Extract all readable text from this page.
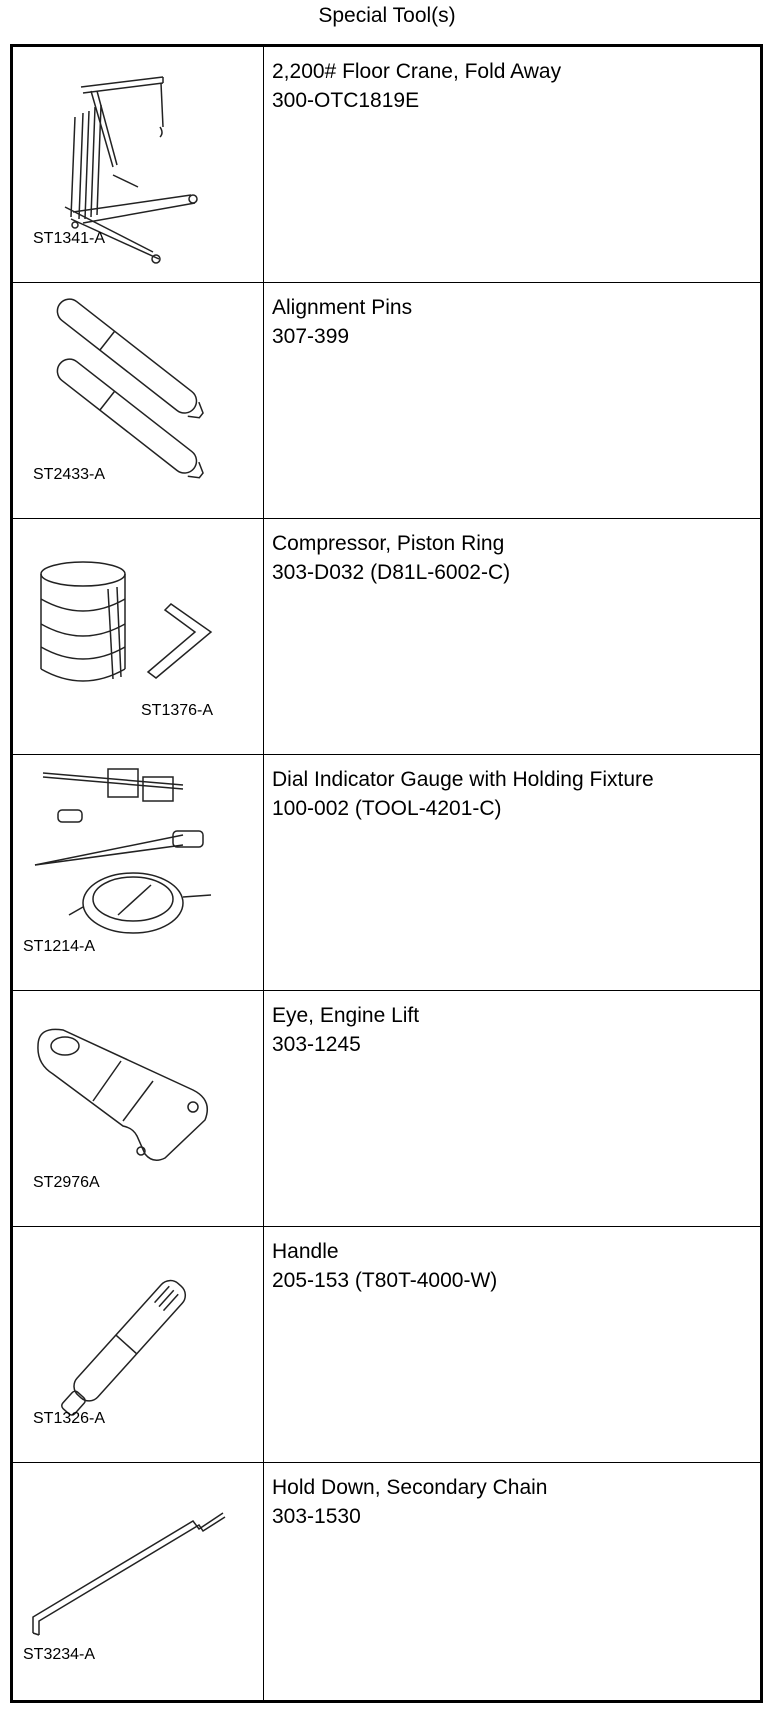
Special Tool(s)
ST1341-A
2,200# Floor Crane, Fold Away
300-OTC1819E
ST2433-A
Alignment Pins
307-399
ST1376-A
Compressor, Piston Ring
303-D032 (D81L-6002-C)
ST1214-A
Dial Indicator Gauge with Holding Fixture
100-002 (TOOL-4201-C)
ST2976A
Eye, Engine Lift
303-1245
ST1326-A
Handle
205-153 (T80T-4000-W)
ST3234-A
Hold Down, Secondary Chain
303-1530
